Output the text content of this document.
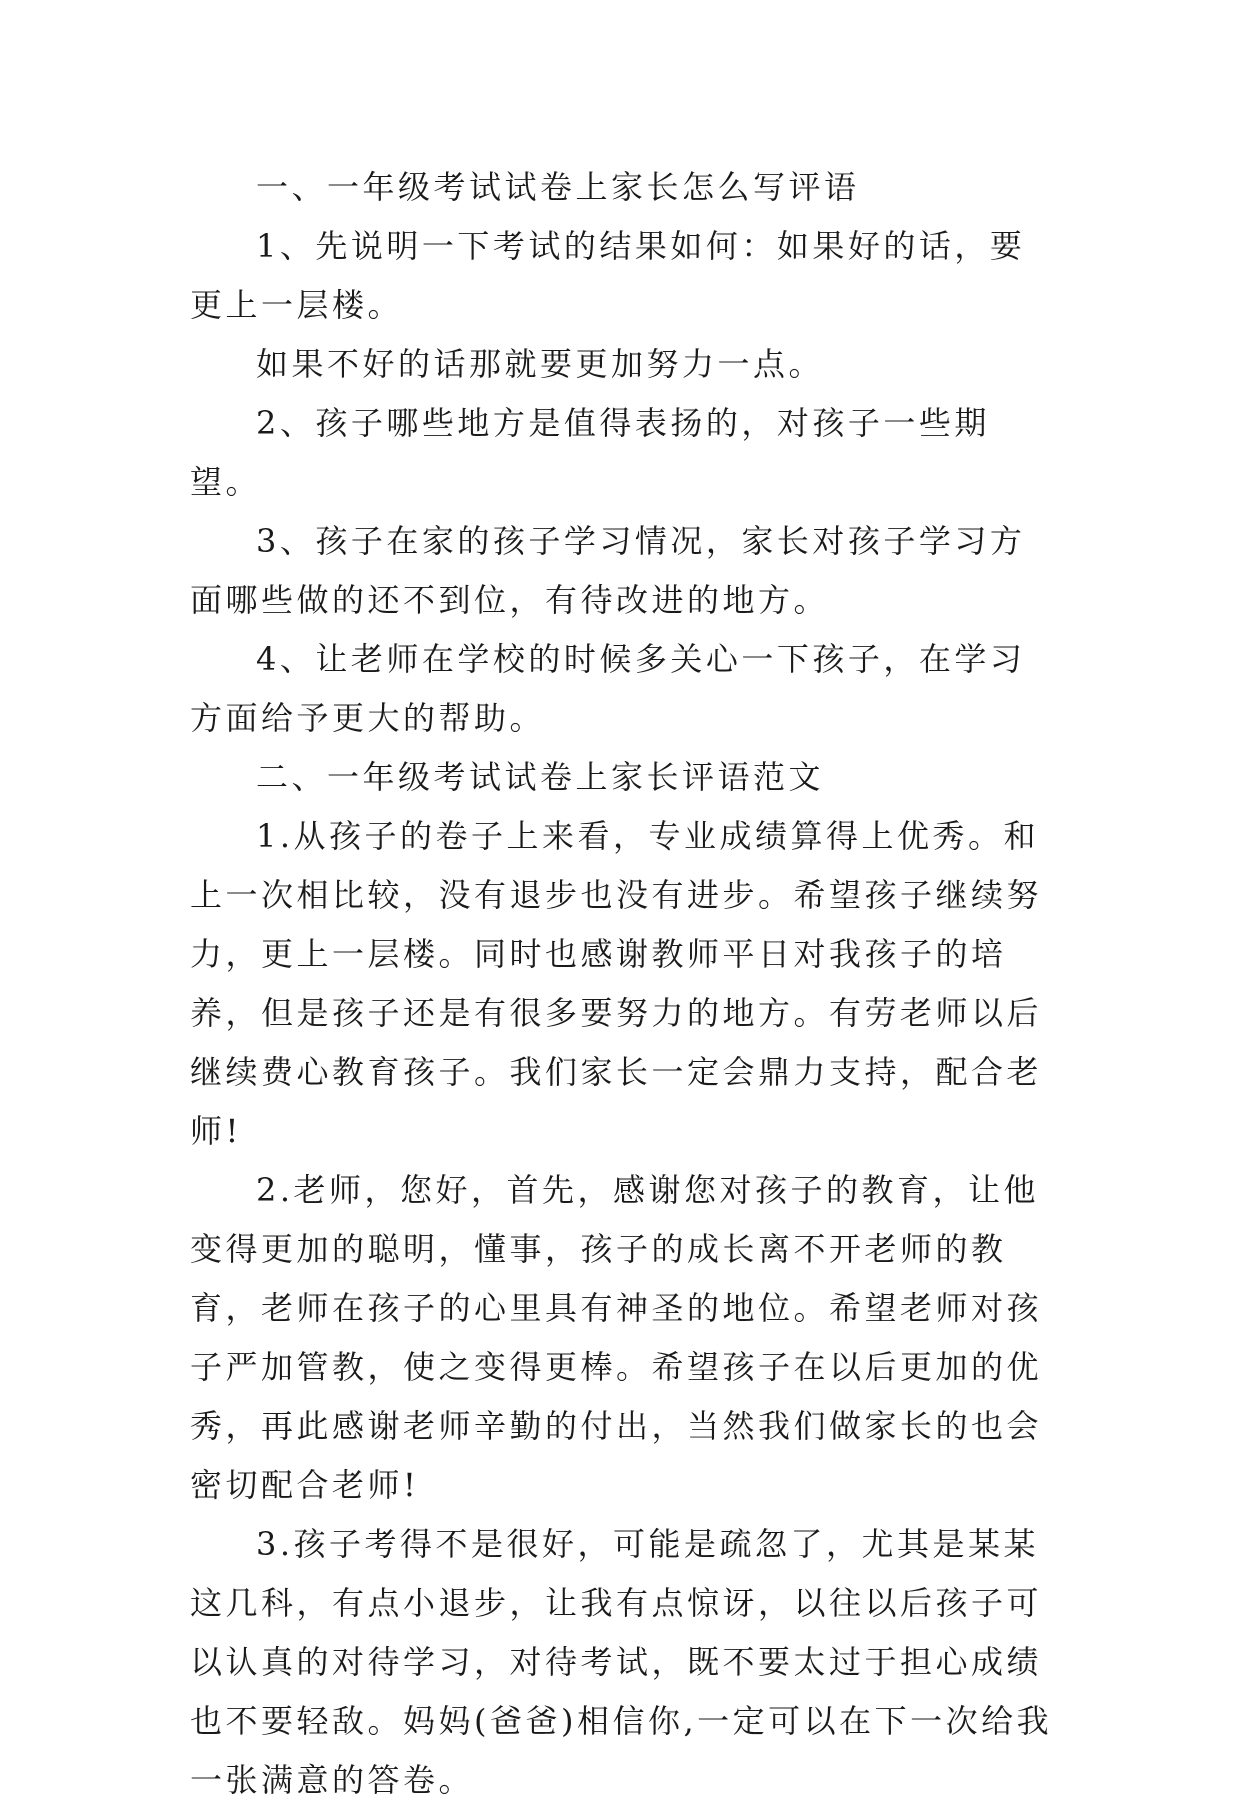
一、一年级考试试卷上家长怎么写评语

1、先说明一下考试的结果如何：如果好的话，要更上一层楼。

如果不好的话那就要更加努力一点。

2、孩子哪些地方是值得表扬的，对孩子一些期望。

3、孩子在家的孩子学习情况，家长对孩子学习方面哪些做的还不到位，有待改进的地方。

4、让老师在学校的时候多关心一下孩子，在学习方面给予更大的帮助。

二、一年级考试试卷上家长评语范文

1.从孩子的卷子上来看，专业成绩算得上优秀。和上一次相比较，没有退步也没有进步。希望孩子继续努力，更上一层楼。同时也感谢教师平日对我孩子的培养，但是孩子还是有很多要努力的地方。有劳老师以后继续费心教育孩子。我们家长一定会鼎力支持，配合老师!

2.老师，您好，首先，感谢您对孩子的教育，让他变得更加的聪明，懂事，孩子的成长离不开老师的教育，老师在孩子的心里具有神圣的地位。希望老师对孩子严加管教，使之变得更棒。希望孩子在以后更加的优秀，再此感谢老师辛勤的付出，当然我们做家长的也会密切配合老师!

3.孩子考得不是很好，可能是疏忽了，尤其是某某这几科，有点小退步，让我有点惊讶，以往以后孩子可以认真的对待学习，对待考试，既不要太过于担心成绩也不要轻敌。妈妈(爸爸)相信你,一定可以在下一次给我一张满意的答卷。
